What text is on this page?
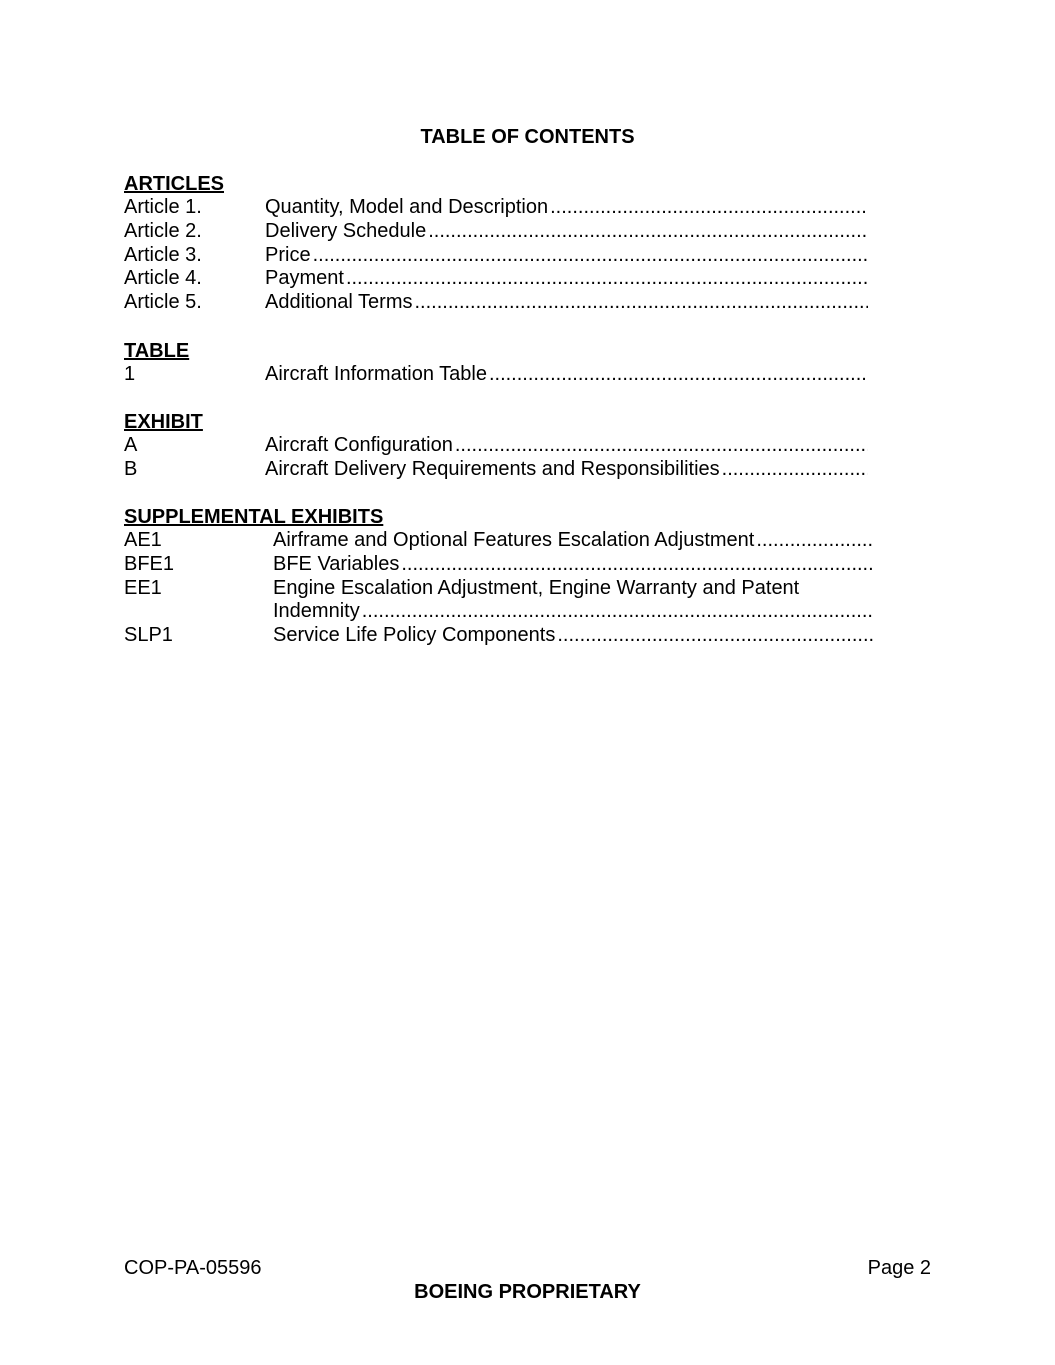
TABLE OF CONTENTS
ARTICLES
Article 1.	Quantity, Model and Description
.....
Article 2.	Delivery Schedule
.....
Article 3.	Price
.....
Article 4.	Payment
.....
Article 5.	Additional Terms
.....
TABLE
1	Aircraft Information Table
.....
EXHIBIT
A	Aircraft Configuration
.....
B	Aircraft Delivery Requirements and Responsibilities
.....
SUPPLEMENTAL EXHIBITS
AE1	Airframe and Optional Features Escalation Adjustment
.....
BFE1	BFE Variables
.....
EE1	Engine Escalation Adjustment, Engine Warranty and Patent
Indemnity
.....
SLP1	Service Life Policy Components
.....
COP-PA-05596	Page 2
BOEING PROPRIETARY
